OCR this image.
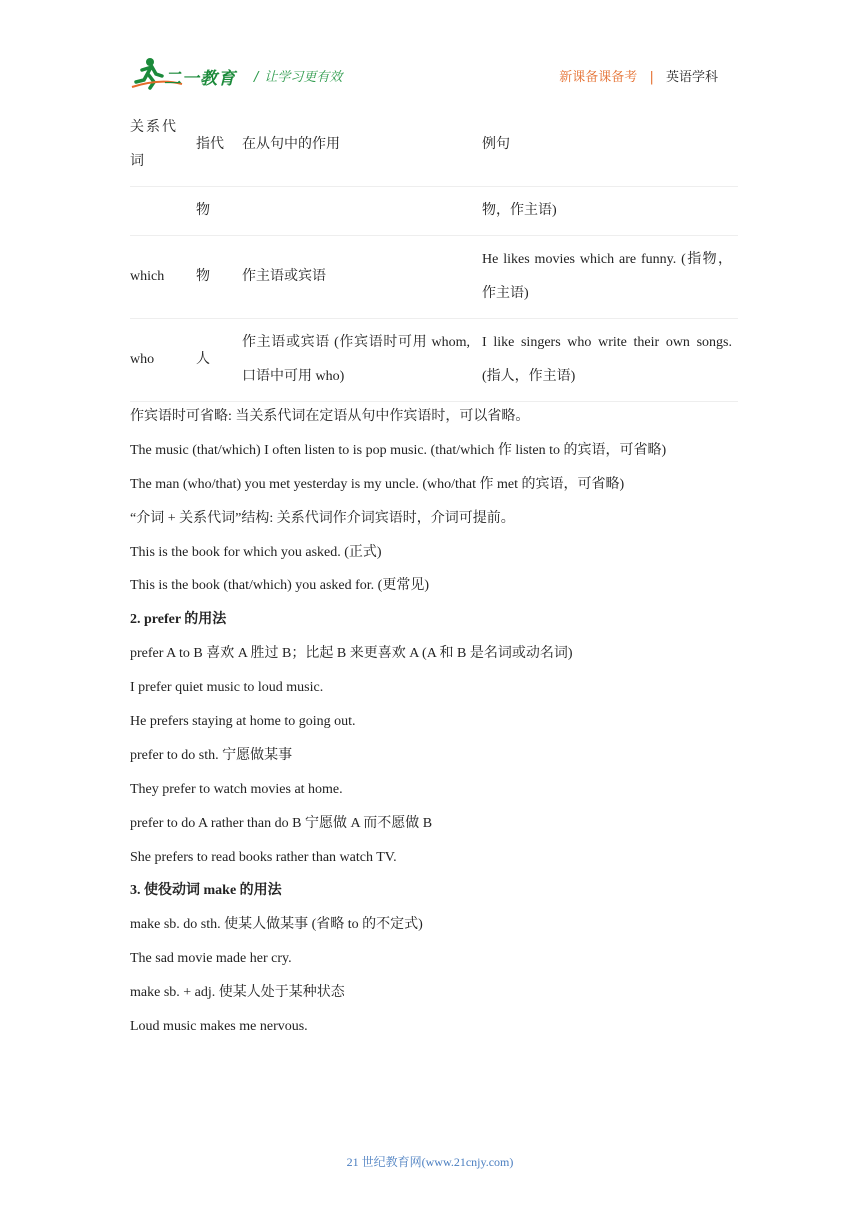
二一教育 / 让学习更有效	新课备课备考 | 英语学科
关系代词	指代	在从句中的作用	例句
	物		物，作主语)
which	物	作主语或宾语	He likes movies which are funny. (指物，作主语)

who	人	作主语或宾语 (作宾语时可用 whom, 口语中可用 who)	I like singers who write their own songs. (指人，作主语)
作宾语时可省略: 当关系代词在定语从句中作宾语时，可以省略。
The music (that/which) I often listen to is pop music. (that/which 作 listen to 的宾语，可省略)
The man (who/that) you met yesterday is my uncle. (who/that 作 met 的宾语，可省略)
“介词 + 关系代词”结构: 关系代词作介词宾语时，介词可提前。
This is the book for which you asked. (正式)
This is the book (that/which) you asked for. (更常见)
2. prefer 的用法
prefer A to B 喜欢 A 胜过 B；比起 B 来更喜欢 A (A 和 B 是名词或动名词)
I prefer quiet music to loud music.
He prefers staying at home to going out.
prefer to do sth. 宁愿做某事
They prefer to watch movies at home.
prefer to do A rather than do B 宁愿做 A 而不愿做 B
She prefers to read books rather than watch TV.
3. 使役动词 make 的用法
make sb. do sth. 使某人做某事 (省略 to 的不定式)
The sad movie made her cry.
make sb. + adj. 使某人处于某种状态
Loud music makes me nervous.
21 世纪教育网(www.21cnjy.com)
